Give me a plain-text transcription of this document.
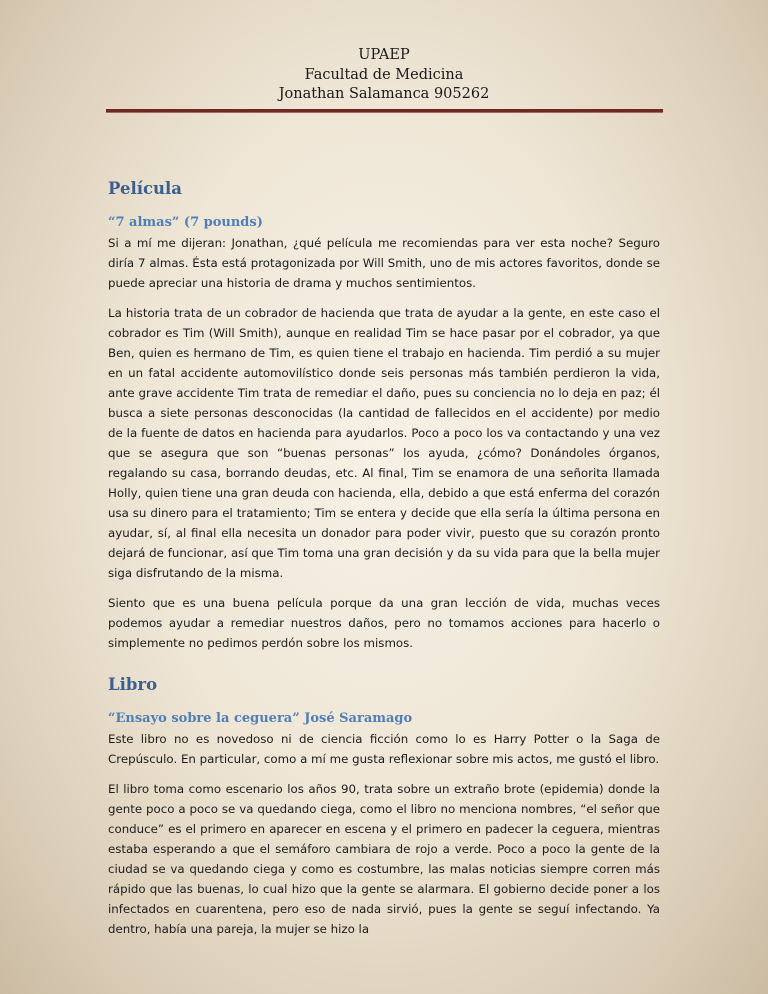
UPAEP
Facultad de Medicina
Jonathan Salamanca 905262
Película
“7 almas” (7 pounds)

Si a mí me dijeran: Jonathan, ¿qué película me recomiendas para ver esta noche? Seguro diría 7 almas. Ésta está protagonizada por Will Smith, uno de mis actores favoritos, donde se puede apreciar una historia de drama y muchos sentimientos.

La historia trata de un cobrador de hacienda que trata de ayudar a la gente, en este caso el cobrador es Tim (Will Smith), aunque en realidad Tim se hace pasar por el cobrador, ya que Ben, quien es hermano de Tim, es quien tiene el trabajo en hacienda. Tim perdió a su mujer en un fatal accidente automovilístico donde seis personas más también perdieron la vida, ante grave accidente Tim trata de remediar el daño, pues su conciencia no lo deja en paz; él busca a siete personas desconocidas (la cantidad de fallecidos en el accidente) por medio de la fuente de datos en hacienda para ayudarlos. Poco a poco los va contactando y una vez que se asegura que son “buenas personas” los ayuda, ¿cómo? Donándoles órganos, regalando su casa, borrando deudas, etc. Al final, Tim se enamora de una señorita llamada Holly, quien tiene una gran deuda con hacienda, ella, debido a que está enferma del corazón usa su dinero para el tratamiento; Tim se entera y decide que ella sería la última persona en ayudar, sí, al final ella necesita un donador para poder vivir, puesto que su corazón pronto dejará de funcionar, así que Tim toma una gran decisión y da su vida para que la bella mujer siga disfrutando de la misma.

Siento que es una buena película porque da una gran lección de vida, muchas veces podemos ayudar a remediar nuestros daños, pero no tomamos acciones para hacerlo o simplemente no pedimos perdón sobre los mismos.

Libro
“Ensayo sobre la ceguera” José Saramago

Este libro no es novedoso ni de ciencia ficción como lo es Harry Potter o la Saga de Crepúsculo. En particular, como a mí me gusta reflexionar sobre mis actos, me gustó el libro.

El libro toma como escenario los años 90, trata sobre un extraño brote (epidemia) donde la gente poco a poco se va quedando ciega, como el libro no menciona nombres, “el señor que conduce” es el primero en aparecer en escena y el primero en padecer la ceguera, mientras estaba esperando a que el semáforo cambiara de rojo a verde. Poco a poco la gente de la ciudad se va quedando ciega y como es costumbre, las malas noticias siempre corren más rápido que las buenas, lo cual hizo que la gente se alarmara. El gobierno decide poner a los infectados en cuarentena, pero eso de nada sirvió, pues la gente se seguí infectando. Ya dentro, había una pareja, la mujer se hizo la
